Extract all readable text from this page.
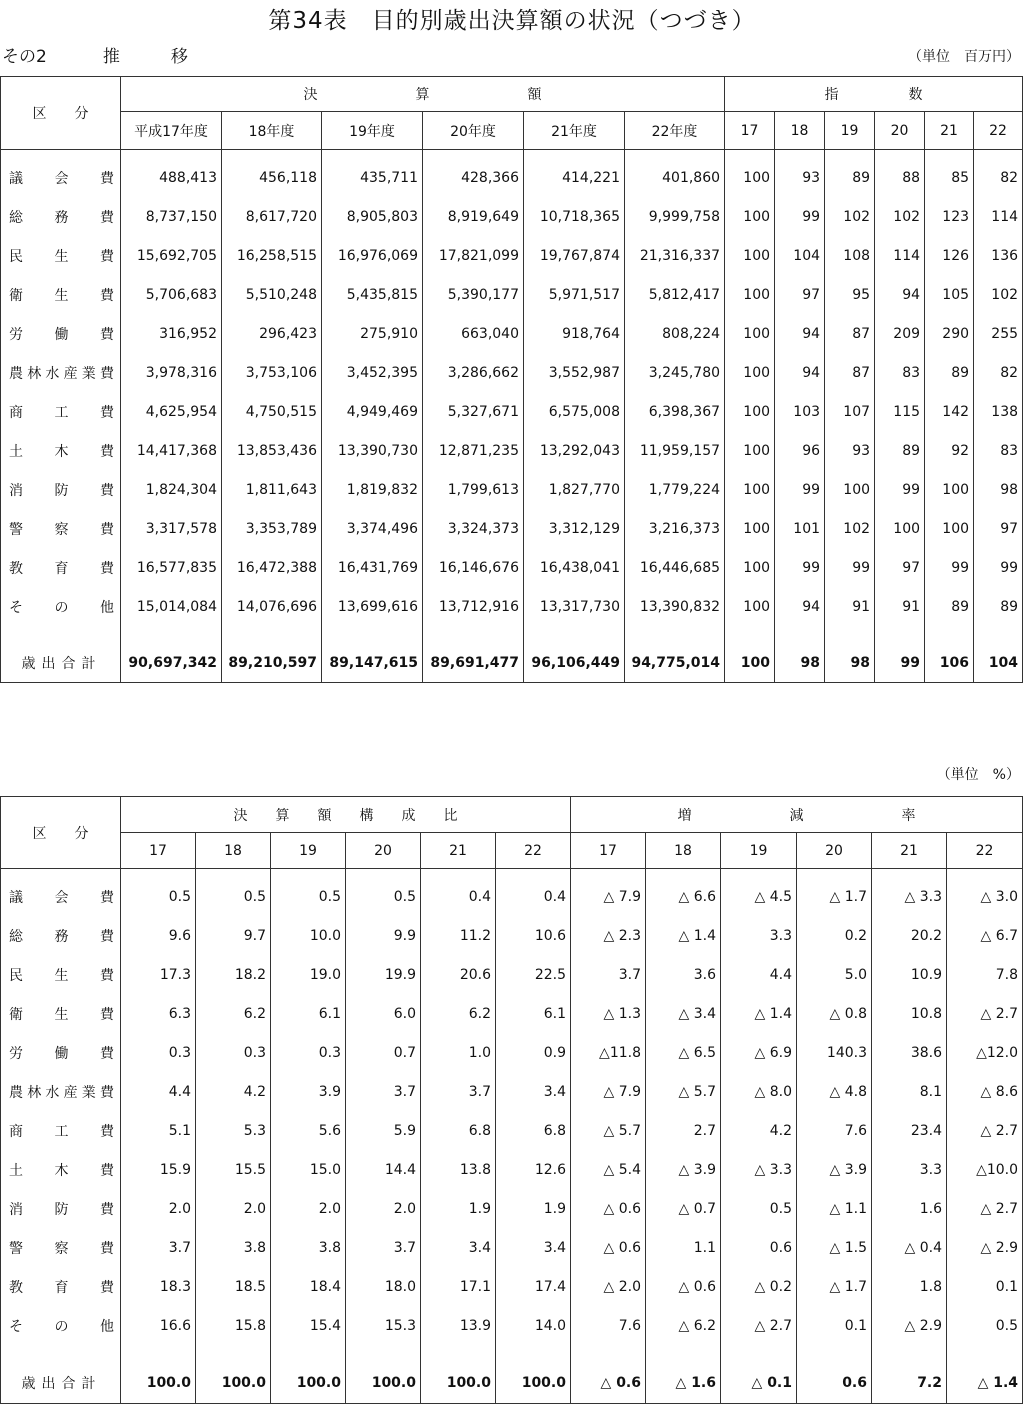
第34表　目的別歳出決算額の状況（つづき）
その2	推　　　移	（単位　百万円）
区　　分	決　　　　　　　算　　　　　　　額						指　　　　　数					
	平成17年度	18年度	19年度	20年度	21年度	22年度	17	18	19	20	21	22

議会費	488,413	456,118	435,711	428,366	414,221	401,860	100	93	89	88	85	82
総務費	8,737,150	8,617,720	8,905,803	8,919,649	10,718,365	9,999,758	100	99	102	102	123	114
民生費	15,692,705	16,258,515	16,976,069	17,821,099	19,767,874	21,316,337	100	104	108	114	126	136
衛生費	5,706,683	5,510,248	5,435,815	5,390,177	5,971,517	5,812,417	100	97	95	94	105	102
労働費	316,952	296,423	275,910	663,040	918,764	808,224	100	94	87	209	290	255
農林水産業費	3,978,316	3,753,106	3,452,395	3,286,662	3,552,987	3,245,780	100	94	87	83	89	82
商工費	4,625,954	4,750,515	4,949,469	5,327,671	6,575,008	6,398,367	100	103	107	115	142	138
土木費	14,417,368	13,853,436	13,390,730	12,871,235	13,292,043	11,959,157	100	96	93	89	92	83
消防費	1,824,304	1,811,643	1,819,832	1,799,613	1,827,770	1,779,224	100	99	100	99	100	98
警察費	3,317,578	3,353,789	3,374,496	3,324,373	3,312,129	3,216,373	100	101	102	100	100	97
教育費	16,577,835	16,472,388	16,431,769	16,146,676	16,438,041	16,446,685	100	99	99	97	99	99
その他	15,014,084	14,076,696	13,699,616	13,712,916	13,317,730	13,390,832	100	94	91	91	89	89

歳出合計	90,697,342	89,210,597	89,147,615	89,691,477	96,106,449	94,775,014	100	98	98	99	106	104
（単位　%）
区　　分	決　　算　　額　　構　　成　　比						増　　　　　　　減　　　　　　　率					
	17	18	19	20	21	22	17	18	19	20	21	22

議会費	0.5	0.5	0.5	0.5	0.4	0.4	△ 7.9	△ 6.6	△ 4.5	△ 1.7	△ 3.3	△ 3.0
総務費	9.6	9.7	10.0	9.9	11.2	10.6	△ 2.3	△ 1.4	3.3	0.2	20.2	△ 6.7
民生費	17.3	18.2	19.0	19.9	20.6	22.5	3.7	3.6	4.4	5.0	10.9	7.8
衛生費	6.3	6.2	6.1	6.0	6.2	6.1	△ 1.3	△ 3.4	△ 1.4	△ 0.8	10.8	△ 2.7
労働費	0.3	0.3	0.3	0.7	1.0	0.9	△11.8	△ 6.5	△ 6.9	140.3	38.6	△12.0
農林水産業費	4.4	4.2	3.9	3.7	3.7	3.4	△ 7.9	△ 5.7	△ 8.0	△ 4.8	8.1	△ 8.6
商工費	5.1	5.3	5.6	5.9	6.8	6.8	△ 5.7	2.7	4.2	7.6	23.4	△ 2.7
土木費	15.9	15.5	15.0	14.4	13.8	12.6	△ 5.4	△ 3.9	△ 3.3	△ 3.9	3.3	△10.0
消防費	2.0	2.0	2.0	2.0	1.9	1.9	△ 0.6	△ 0.7	0.5	△ 1.1	1.6	△ 2.7
警察費	3.7	3.8	3.8	3.7	3.4	3.4	△ 0.6	1.1	0.6	△ 1.5	△ 0.4	△ 2.9
教育費	18.3	18.5	18.4	18.0	17.1	17.4	△ 2.0	△ 0.6	△ 0.2	△ 1.7	1.8	0.1
その他	16.6	15.8	15.4	15.3	13.9	14.0	7.6	△ 6.2	△ 2.7	0.1	△ 2.9	0.5

歳出合計	100.0	100.0	100.0	100.0	100.0	100.0	△ 0.6	△ 1.6	△ 0.1	0.6	7.2	△ 1.4
